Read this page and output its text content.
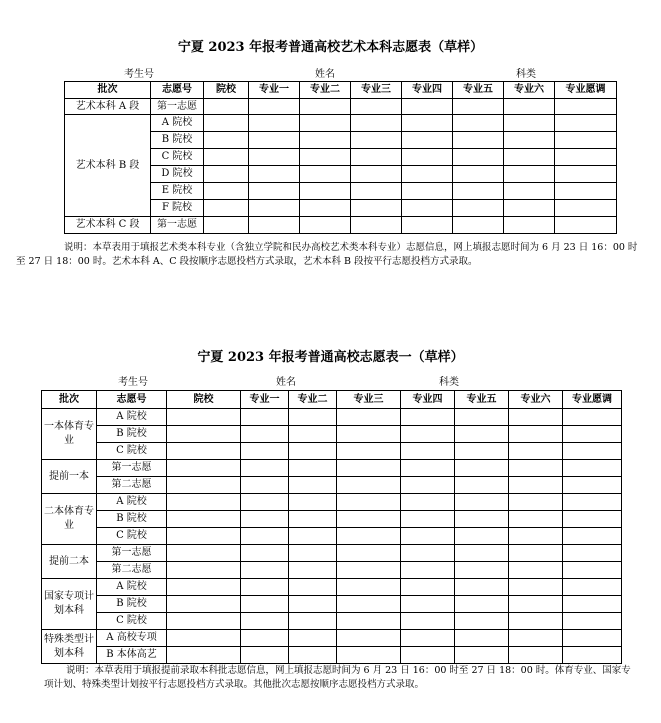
宁夏 2023 年报考普通高校艺术本科志愿表（草样）
考生号	姓名	科类
批次	志愿号	院校	专业一	专业二	专业三	专业四	专业五	专业六	专业愿调
艺术本科 A 段	第一志愿								
艺术本科 B 段	A 院校								
	B 院校								
	C 院校								
	D 院校								
	E 院校								
	F 院校								
艺术本科 C 段	第一志愿								

说明：本草表用于填报艺术类本科专业（含独立学院和民办高校艺术类本科专业）志愿信息，网上填报志愿时间为 6 月 23 日 16：00 时至 27 日 18：00 时。艺术本科 A、C 段按顺序志愿投档方式录取，艺术本科 B 段按平行志愿投档方式录取。

宁夏 2023 年报考普通高校志愿表一（草样）
考生号	姓名	科类
批次	志愿号	院校	专业一	专业二	专业三	专业四	专业五	专业六	专业愿调
一本体育专业	A 院校								
	B 院校								
	C 院校								
提前一本	第一志愿								
	第二志愿								
二本体育专业	A 院校								
	B 院校								
	C 院校								
提前二本	第一志愿								
	第二志愿								
国家专项计划本科	A 院校								
	B 院校								
	C 院校								
特殊类型计划本科	A 高校专项								
	B 本体高艺								

说明：本草表用于填报提前录取本科批志愿信息，网上填报志愿时间为 6 月 23 日 16：00 时至 27 日 18：00 时。体育专业、国家专项计划、特殊类型计划按平行志愿投档方式录取。其他批次志愿按顺序志愿投档方式录取。
